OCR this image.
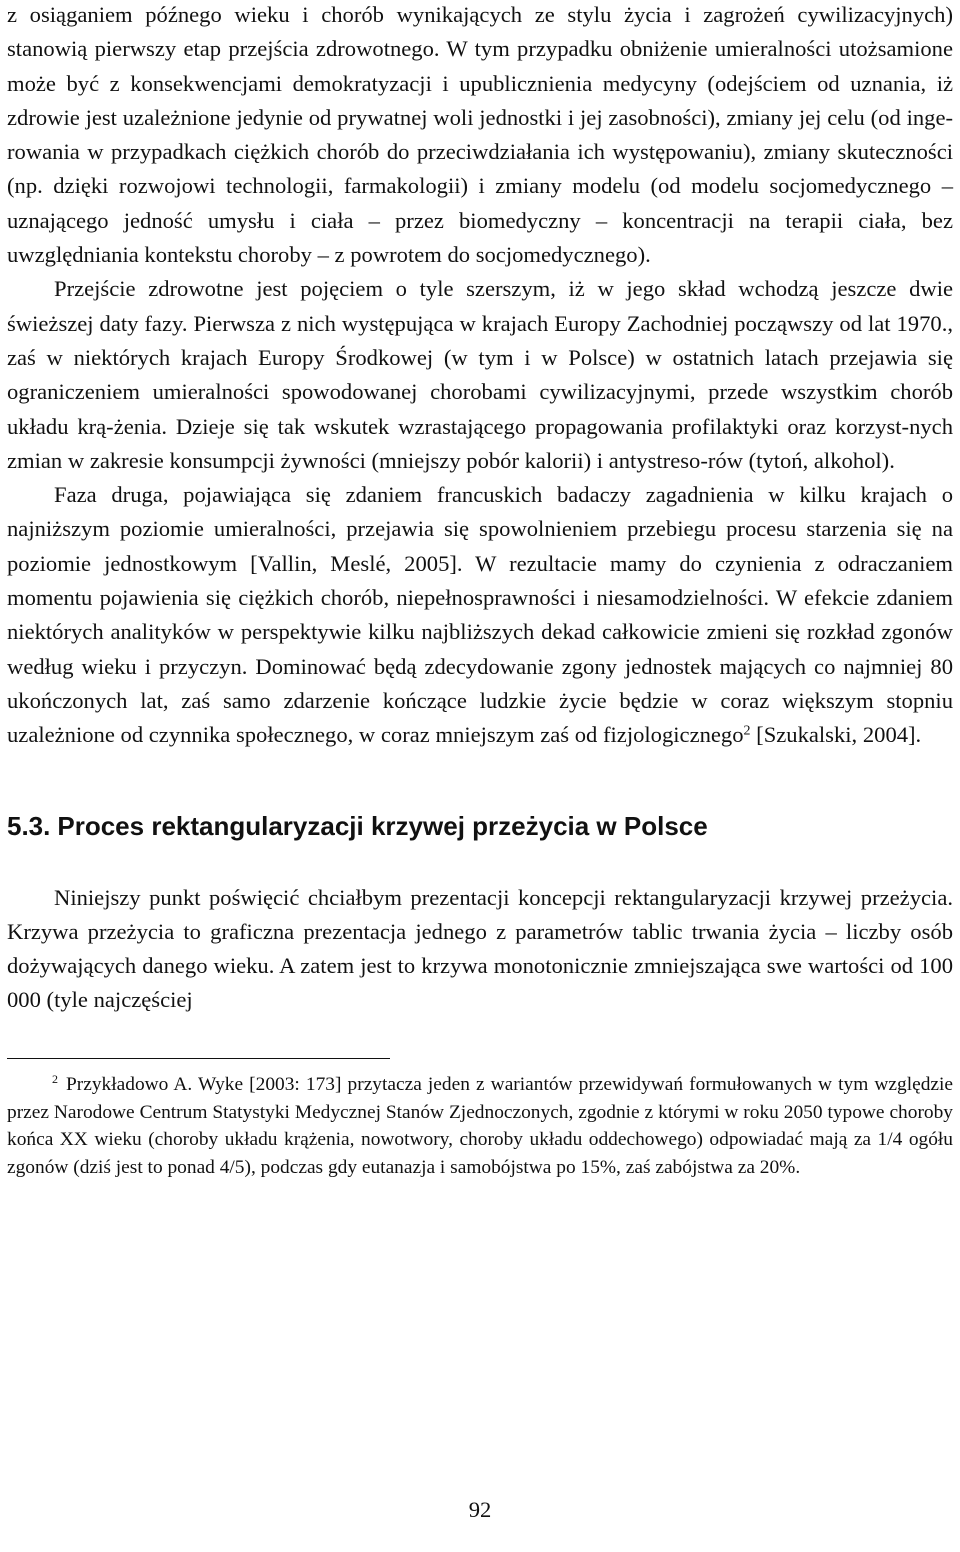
z osiąganiem późnego wieku i chorób wynikających ze stylu życia i zagrożeń cywilizacyjnych) stanowią pierwszy etap przejścia zdrowotnego. W tym przypadku obniżenie umieralności utożsamione może być z konsekwencjami demokratyzacji i upublicznienia medycyny (odejściem od uznania, iż zdrowie jest uzależnione jedynie od prywatnej woli jednostki i jej zasobności), zmiany jej celu (od inge-rowania w przypadkach ciężkich chorób do przeciwdziałania ich występowaniu), zmiany skuteczności (np. dzięki rozwojowi technologii, farmakologii) i zmiany modelu (od modelu socjomedycznego – uznającego jedność umysłu i ciała – przez biomedyczny – koncentracji na terapii ciała, bez uwzględniania kontekstu choroby – z powrotem do socjomedycznego).

Przejście zdrowotne jest pojęciem o tyle szerszym, iż w jego skład wchodzą jeszcze dwie świeższej daty fazy. Pierwsza z nich występująca w krajach Europy Zachodniej począwszy od lat 1970., zaś w niektórych krajach Europy Środkowej (w tym i w Polsce) w ostatnich latach przejawia się ograniczeniem umieralności spowodowanej chorobami cywilizacyjnymi, przede wszystkim chorób układu krą-żenia. Dzieje się tak wskutek wzrastającego propagowania profilaktyki oraz korzyst-nych zmian w zakresie konsumpcji żywności (mniejszy pobór kalorii) i antystreso-rów (tytoń, alkohol).

Faza druga, pojawiająca się zdaniem francuskich badaczy zagadnienia w kilku krajach o najniższym poziomie umieralności, przejawia się spowolnieniem przebiegu procesu starzenia się na poziomie jednostkowym [Vallin, Meslé, 2005]. W rezultacie mamy do czynienia z odraczaniem momentu pojawienia się ciężkich chorób, niepełnosprawności i niesamodzielności. W efekcie zdaniem niektórych analityków w perspektywie kilku najbliższych dekad całkowicie zmieni się rozkład zgonów według wieku i przyczyn. Dominować będą zdecydowanie zgony jednostek mających co najmniej 80 ukończonych lat, zaś samo zdarzenie kończące ludzkie życie będzie w coraz większym stopniu uzależnione od czynnika społecznego, w coraz mniejszym zaś od fizjologicznego$^2$ [Szukalski, 2004].

5.3. Proces rektangularyzacji krzywej przeżycia w Polsce

Niniejszy punkt poświęcić chciałbym prezentacji koncepcji rektangularyzacji krzywej przeżycia. Krzywa przeżycia to graficzna prezentacja jednego z parametrów tablic trwania życia – liczby osób dożywających danego wieku. A zatem jest to krzywa monotonicznie zmniejszająca swe wartości od 100 000 (tyle najczęściej

$^2$ Przykładowo A. Wyke [2003: 173] przytacza jeden z wariantów przewidywań formułowanych w tym względzie przez Narodowe Centrum Statystyki Medycznej Stanów Zjednoczonych, zgodnie z którymi w roku 2050 typowe choroby końca XX wieku (choroby układu krążenia, nowotwory, choroby układu oddechowego) odpowiadać mają za 1/4 ogółu zgonów (dziś jest to ponad 4/5), podczas gdy eutanazja i samobójstwa po 15%, zaś zabójstwa za 20%.

92
